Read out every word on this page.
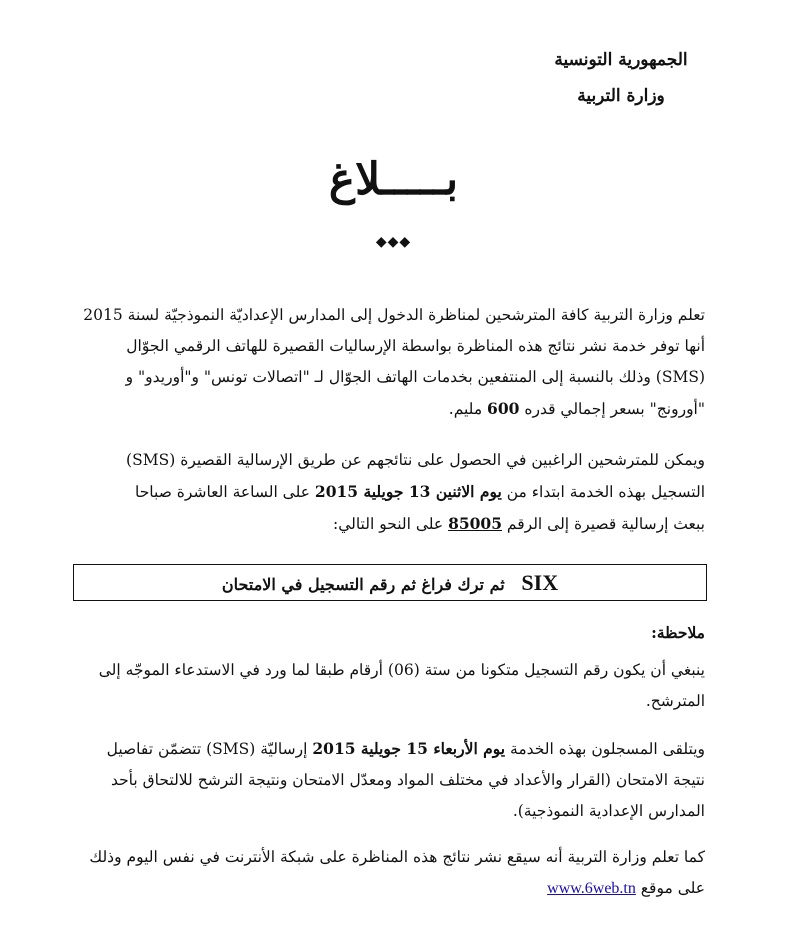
الجمهورية التونسية
وزارة التربية
بـــــلاغ
◆◆◆

تعلم وزارة التربية كافة المترشحين لمناظرة الدخول إلى المدارس الإعداديّة النموذجيّة لسنة 2015

أنها توفر خدمة نشر نتائج هذه المناظرة بواسطة الإرساليات القصيرة للهاتف الرقمي الجوّال

(SMS) وذلك بالنسبة إلى المنتفعين بخدمات الهاتف الجوّال لـ "اتصالات تونس" و"أوريدو" و

"أورونج" بسعر إجمالي قدره 600 مليم.

ويمكن للمترشحين الراغبين في الحصول على نتائجهم عن طريق الإرسالية القصيرة (SMS)

التسجيل بهذه الخدمة ابتداء من يوم الاثنين 13 جويلية 2015 على الساعة العاشرة صباحا

ببعث إرسالية قصيرة إلى الرقم 85005 على النحو التالي:

SIX   ثم ترك فراغ ثم رقم التسجيل في الامتحان
ملاحظة:

ينبغي أن يكون رقم التسجيل متكونا من ستة (06) أرقام طبقا لما ورد في الاستدعاء الموجّه إلى

المترشح.

ويتلقى المسجلون بهذه الخدمة يوم الأربعاء 15 جويلية 2015 إرساليّة (SMS) تتضمّن تفاصيل

نتيجة الامتحان (القرار والأعداد في مختلف المواد ومعدّل الامتحان ونتيجة الترشح للالتحاق بأحد

المدارس الإعدادية النموذجية).

كما تعلم وزارة التربية أنه سيقع نشر نتائج هذه المناظرة على شبكة الأنترنت في نفس اليوم وذلك

على موقع www.6web.tn
